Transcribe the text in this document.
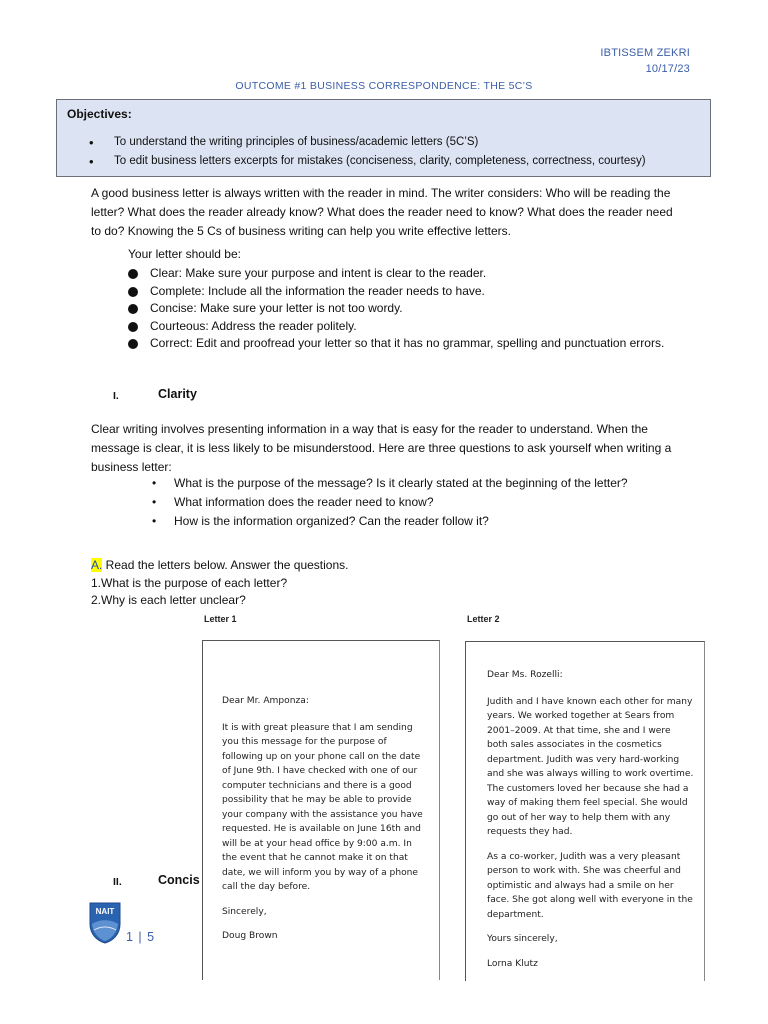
IBTISSEM ZEKRI
10/17/23
OUTCOME #1 BUSINESS CORRESPONDENCE: THE 5C’S
Objectives:
• To understand the writing principles of business/academic letters (5C’S)
• To edit business letters excerpts for mistakes (conciseness, clarity, completeness, correctness, courtesy)
A good business letter is always written with the reader in mind. The writer considers: Who will be reading the letter? What does the reader already know? What does the reader need to know? What does the reader need to do? Knowing the 5 Cs of business writing can help you write effective letters.
Your letter should be:
Clear: Make sure your purpose and intent is clear to the reader.
Complete: Include all the information the reader needs to have.
Concise: Make sure your letter is not too wordy.
Courteous: Address the reader politely.
Correct: Edit and proofread your letter so that it has no grammar, spelling and punctuation errors.
I.	Clarity
Clear writing involves presenting information in a way that is easy for the reader to understand. When the message is clear, it is less likely to be misunderstood. Here are three questions to ask yourself when writing a business letter:
• What is the purpose of the message? Is it clearly stated at the beginning of the letter?
• What information does the reader need to know?
• How is the information organized? Can the reader follow it?
A. Read the letters below. Answer the questions.
1.What is the purpose of each letter?
2.Why is each letter unclear?
Letter 1	Letter 2

Dear Mr. Amponza:

It is with great pleasure that I am sending you this message for the purpose of following up on your phone call on the date of June 9th. I have checked with one of our computer technicians and there is a good possibility that he may be able to provide your company with the assistance you have requested. He is available on June 16th and will be at your head office by 9:00 a.m. In the event that he cannot make it on that date, we will inform you by way of a phone call the day before.

Sincerely,

Doug Brown

Dear Ms. Rozelli:

Judith and I have known each other for many years. We worked together at Sears from 2001–2009. At that time, she and I were both sales associates in the cosmetics department. Judith was very hard-working and she was always willing to work overtime. The customers loved her because she had a way of making them feel special. She would go out of her way to help them with any requests they had.

As a co-worker, Judith was a very pleasant person to work with. She was cheerful and optimistic and always had a smile on her face. She got along well with everyone in the department.

Yours sincerely,

Lorna Klutz

II.	Concis
NAIT
1 | 5
